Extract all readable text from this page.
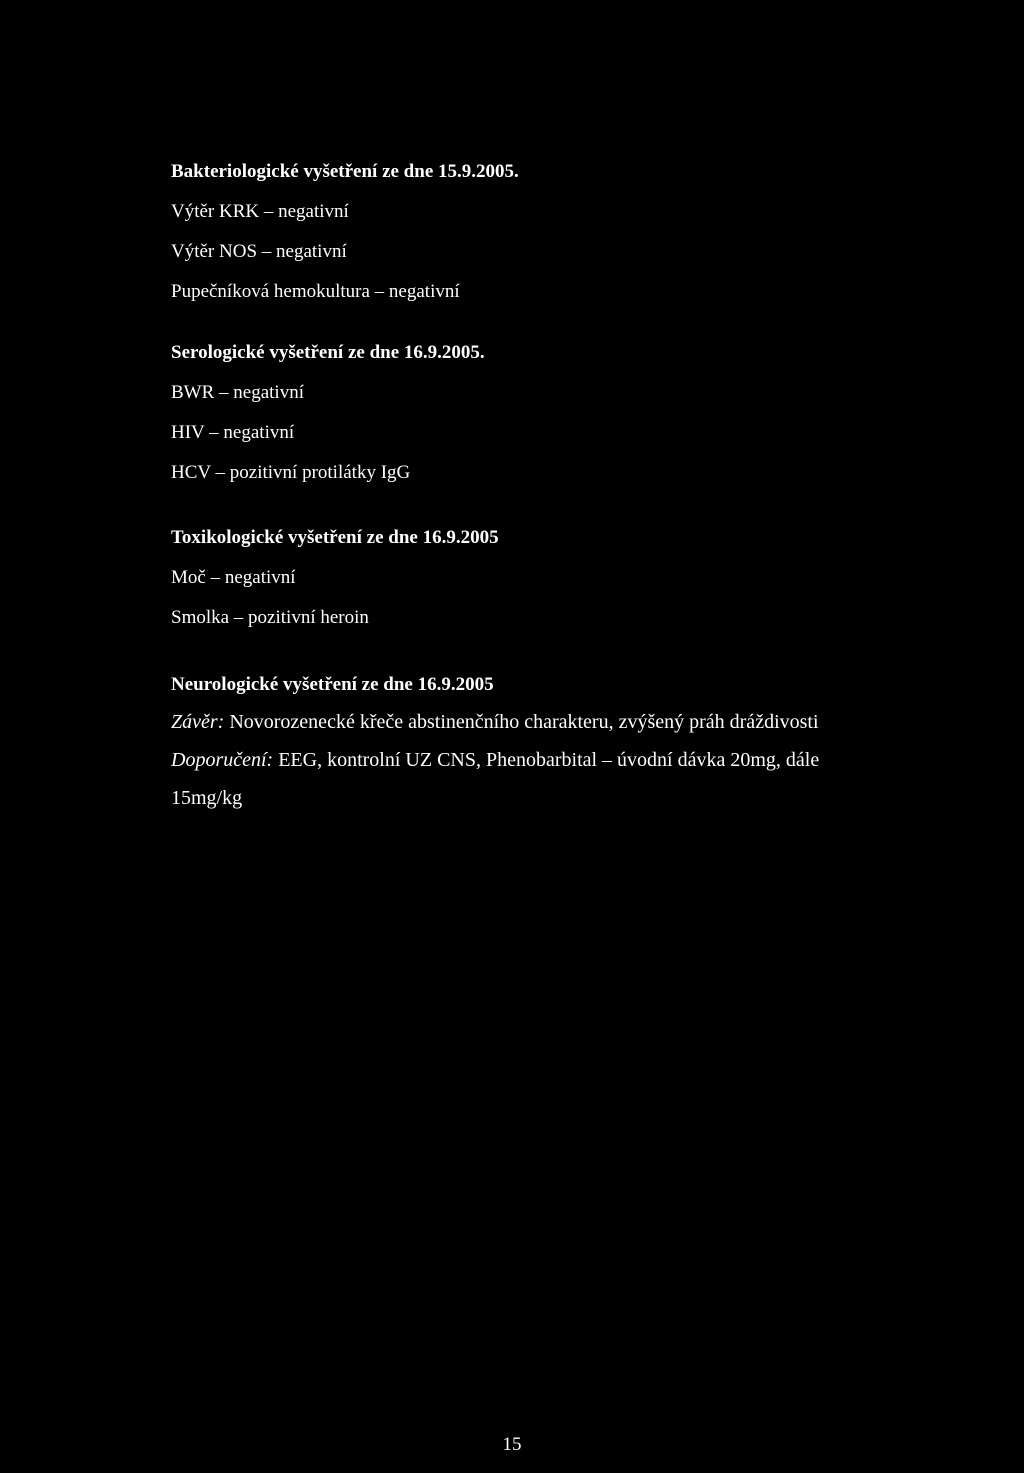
Bakteriologické vyšetření ze dne 15.9.2005.

Výtěr KRK – negativní

Výtěr NOS – negativní

Pupečníková hemokultura – negativní

Serologické vyšetření ze dne 16.9.2005.

BWR – negativní

HIV – negativní

HCV – pozitivní protilátky IgG

Toxikologické vyšetření ze dne 16.9.2005

Moč – negativní

Smolka – pozitivní heroin

Neurologické vyšetření ze dne 16.9.2005

Závěr: Novorozenecké křeče abstinenčního charakteru, zvýšený práh dráždivosti

Doporučení: EEG, kontrolní UZ CNS, Phenobarbital – úvodní dávka 20mg, dále

15mg/kg

15
